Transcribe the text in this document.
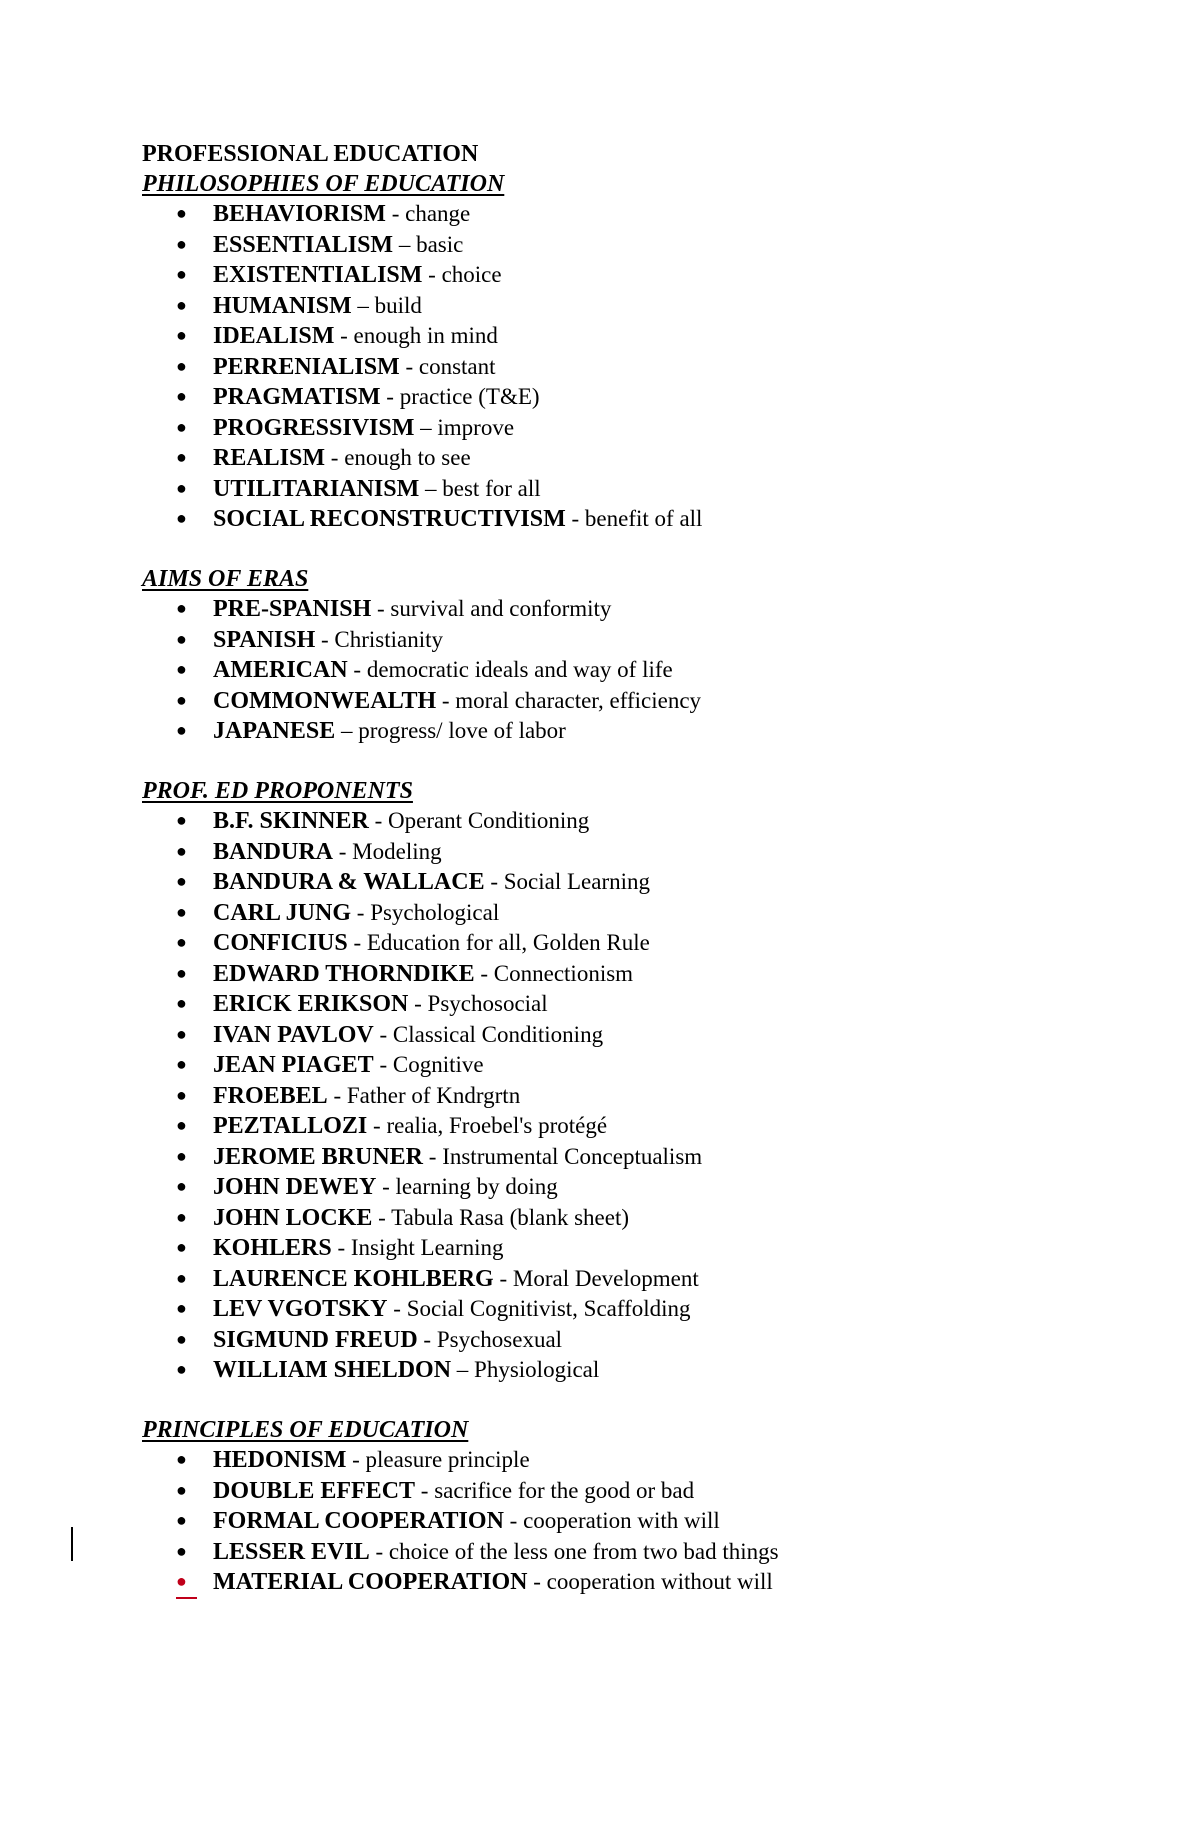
PROFESSIONAL EDUCATION

PHILOSOPHIES OF EDUCATION

● BEHAVIORISM - change
● ESSENTIALISM – basic
● EXISTENTIALISM - choice
● HUMANISM – build
● IDEALISM - enough in mind
● PERRENIALISM - constant
● PRAGMATISM - practice (T&E)
● PROGRESSIVISM – improve
● REALISM - enough to see
● UTILITARIANISM – best for all
● SOCIAL RECONSTRUCTIVISM - benefit of all

AIMS OF ERAS

● PRE-SPANISH - survival and conformity
● SPANISH - Christianity
● AMERICAN - democratic ideals and way of life
● COMMONWEALTH - moral character, efficiency
● JAPANESE – progress/ love of labor

PROF. ED PROPONENTS

● B.F. SKINNER - Operant Conditioning
● BANDURA - Modeling
● BANDURA & WALLACE - Social Learning
● CARL JUNG - Psychological
● CONFICIUS - Education for all, Golden Rule
● EDWARD THORNDIKE - Connectionism
● ERICK ERIKSON - Psychosocial
● IVAN PAVLOV - Classical Conditioning
● JEAN PIAGET - Cognitive
● FROEBEL - Father of Kndrgrtn
● PEZTALLOZI - realia, Froebel's protégé
● JEROME BRUNER - Instrumental Conceptualism
● JOHN DEWEY - learning by doing
● JOHN LOCKE - Tabula Rasa (blank sheet)
● KOHLERS - Insight Learning
● LAURENCE KOHLBERG - Moral Development
● LEV VGOTSKY - Social Cognitivist, Scaffolding
● SIGMUND FREUD - Psychosexual
● WILLIAM SHELDON – Physiological

PRINCIPLES OF EDUCATION

● HEDONISM - pleasure principle
● DOUBLE EFFECT - sacrifice for the good or bad
● FORMAL COOPERATION - cooperation with will
● LESSER EVIL - choice of the less one from two bad things
●	MATERIAL COOPERATION - cooperation without will
